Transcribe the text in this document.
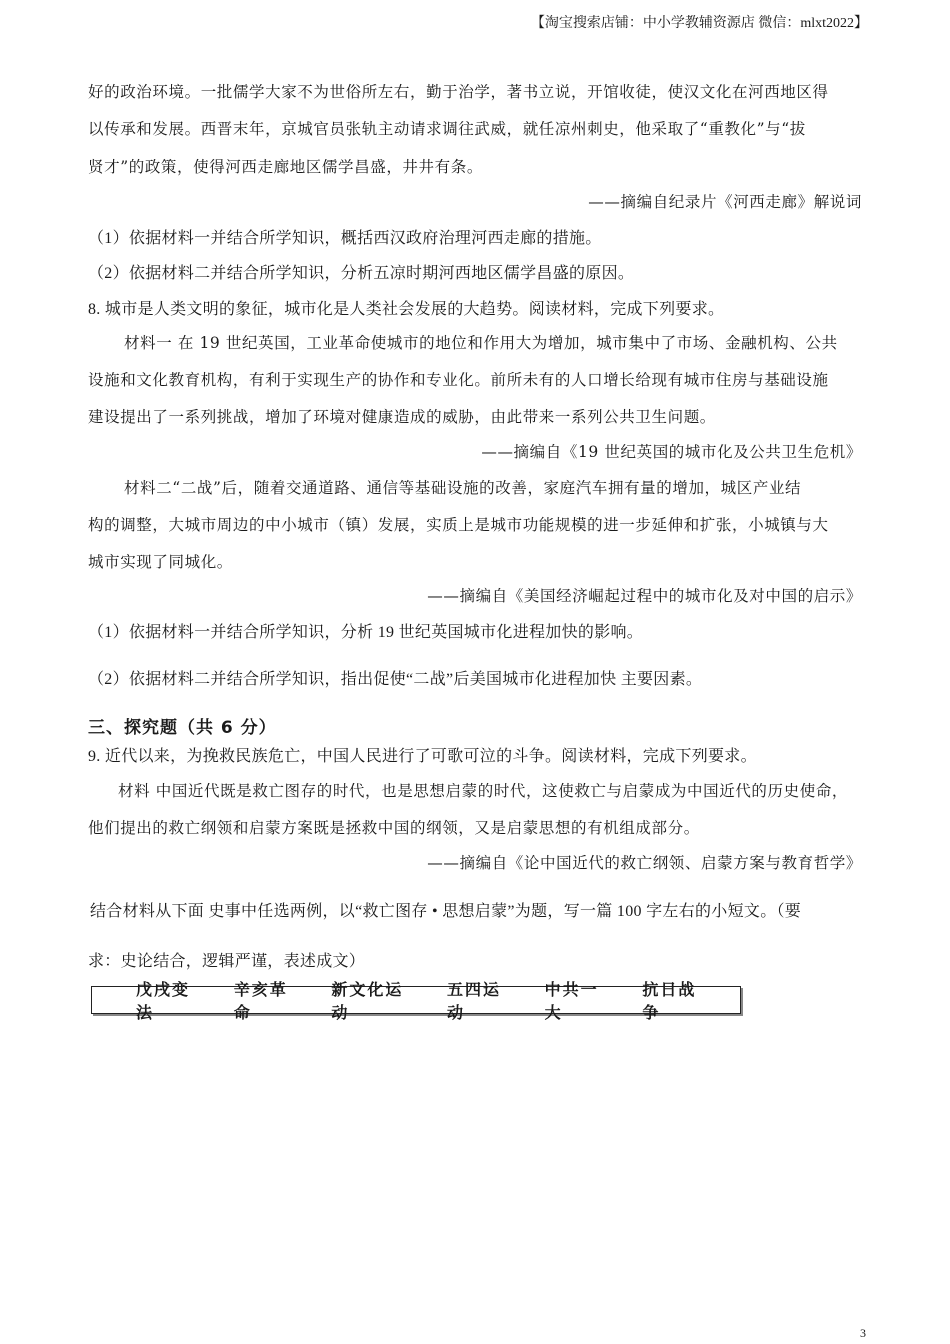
【淘宝搜索店铺：中小学教辅资源店 微信：mlxt2022】
好的政治环境。一批儒学大家不为世俗所左右，勤于治学，著书立说，开馆收徒，使汉文化在河西地区得
以传承和发展。西晋末年，京城官员张轨主动请求调往武威，就任凉州刺史，他采取了“重教化”与“拔
贤才”的政策，使得河西走廊地区儒学昌盛，井井有条。
——摘编自纪录片《河西走廊》解说词
（1）依据材料一并结合所学知识，概括西汉政府治理河西走廊的措施。
（2）依据材料二并结合所学知识，分析五凉时期河西地区儒学昌盛的原因。
8. 城市是人类文明的象征，城市化是人类社会发展的大趋势。阅读材料，完成下列要求。
材料一 在 19 世纪英国，工业革命使城市的地位和作用大为增加，城市集中了市场、金融机构、公共
设施和文化教育机构，有利于实现生产的协作和专业化。前所未有的人口增长给现有城市住房与基础设施
建设提出了一系列挑战，增加了环境对健康造成的威胁，由此带来一系列公共卫生问题。
——摘编自《19 世纪英国的城市化及公共卫生危机》
材料二“二战”后，随着交通道路、通信等基础设施的改善，家庭汽车拥有量的增加，城区产业结
构的调整，大城市周边的中小城市（镇）发展，实质上是城市功能规模的进一步延伸和扩张，小城镇与大
城市实现了同城化。
——摘编自《美国经济崛起过程中的城市化及对中国的启示》
（1）依据材料一并结合所学知识，分析 19 世纪英国城市化进程加快的影响。
（2）依据材料二并结合所学知识，指出促使“二战”后美国城市化进程加快 主要因素。
三、探究题（共 6 分）
9. 近代以来，为挽救民族危亡，中国人民进行了可歌可泣的斗争。阅读材料，完成下列要求。
材料 中国近代既是救亡图存的时代，也是思想启蒙的时代，这使救亡与启蒙成为中国近代的历史使命，
他们提出的救亡纲领和启蒙方案既是拯救中国的纲领，又是启蒙思想的有机组成部分。
——摘编自《论中国近代的救亡纲领、启蒙方案与教育哲学》
结合材料从下面 史事中任选两例，以“救亡图存 • 思想启蒙”为题，写一篇 100 字左右的小短文。（要
求：史论结合，逻辑严谨，表述成文）
戊戌变法
辛亥革命
新文化运动
五四运动
中共一大
抗日战争
3
